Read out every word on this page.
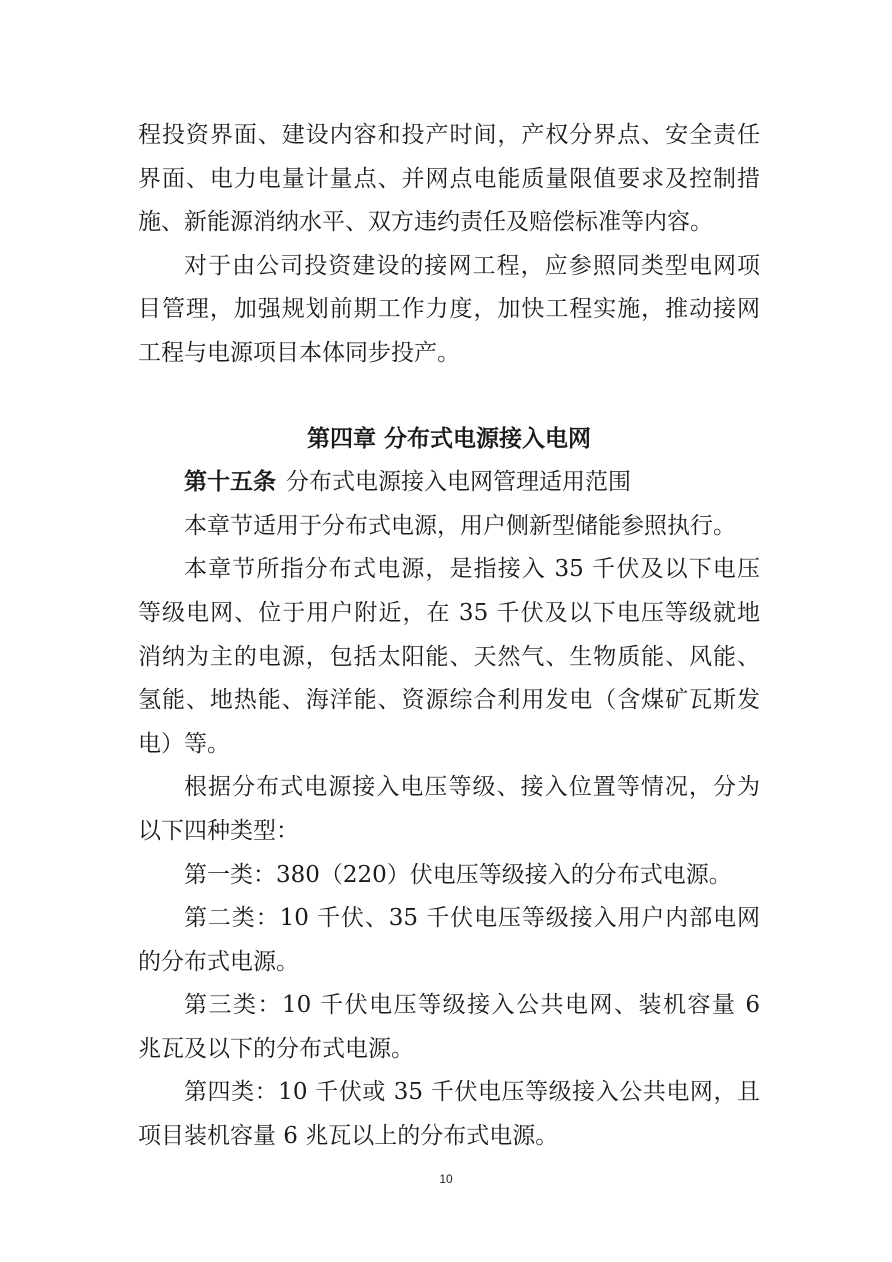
程投资界面、建设内容和投产时间，产权分界点、安全责任
界面、电力电量计量点、并网点电能质量限值要求及控制措
施、新能源消纳水平、双方违约责任及赔偿标准等内容。
对于由公司投资建设的接网工程，应参照同类型电网项
目管理，加强规划前期工作力度，加快工程实施，推动接网
工程与电源项目本体同步投产。
第四章 分布式电源接入电网
第十五条 分布式电源接入电网管理适用范围
本章节适用于分布式电源，用户侧新型储能参照执行。
本章节所指分布式电源，是指接入 35 千伏及以下电压
等级电网、位于用户附近，在 35 千伏及以下电压等级就地
消纳为主的电源，包括太阳能、天然气、生物质能、风能、
氢能、地热能、海洋能、资源综合利用发电（含煤矿瓦斯发
电）等。
根据分布式电源接入电压等级、接入位置等情况，分为
以下四种类型：
第一类：380（220）伏电压等级接入的分布式电源。
第二类：10 千伏、35 千伏电压等级接入用户内部电网
的分布式电源。
第三类：10 千伏电压等级接入公共电网、装机容量 6
兆瓦及以下的分布式电源。
第四类：10 千伏或 35 千伏电压等级接入公共电网，且
项目装机容量 6 兆瓦以上的分布式电源。
10
